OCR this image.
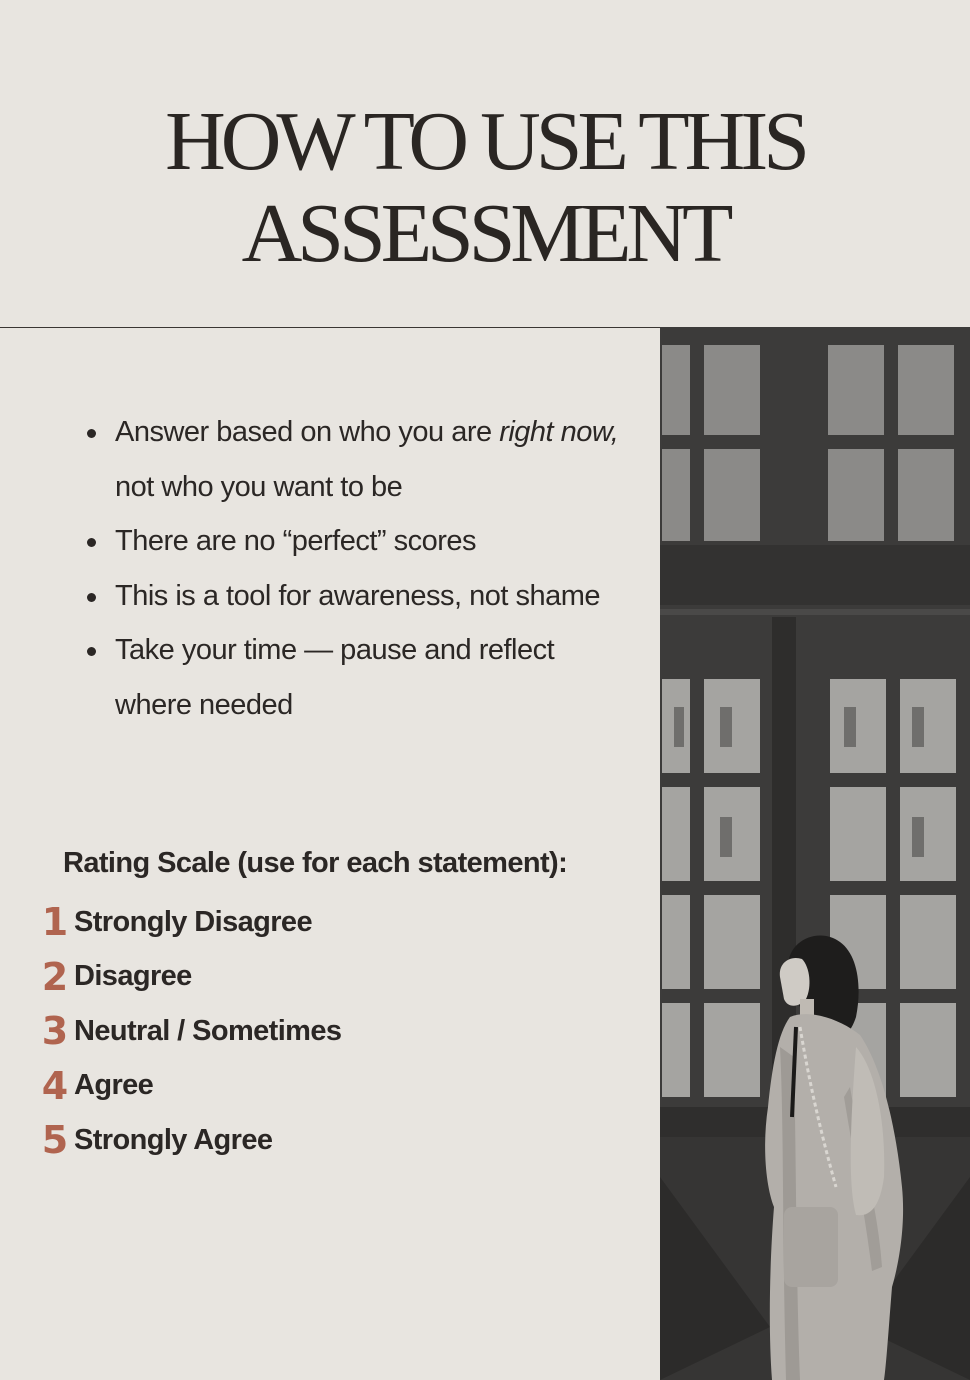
HOW TO USE THIS
ASSESSMENT
Answer based on who you are right now, not who you want to be
There are no “perfect” scores
This is a tool for awareness, not shame
Take your time — pause and reflect where needed
Rating Scale (use for each statement):
1 Strongly Disagree
2 Disagree
3 Neutral / Sometimes
4 Agree
5 Strongly Agree
